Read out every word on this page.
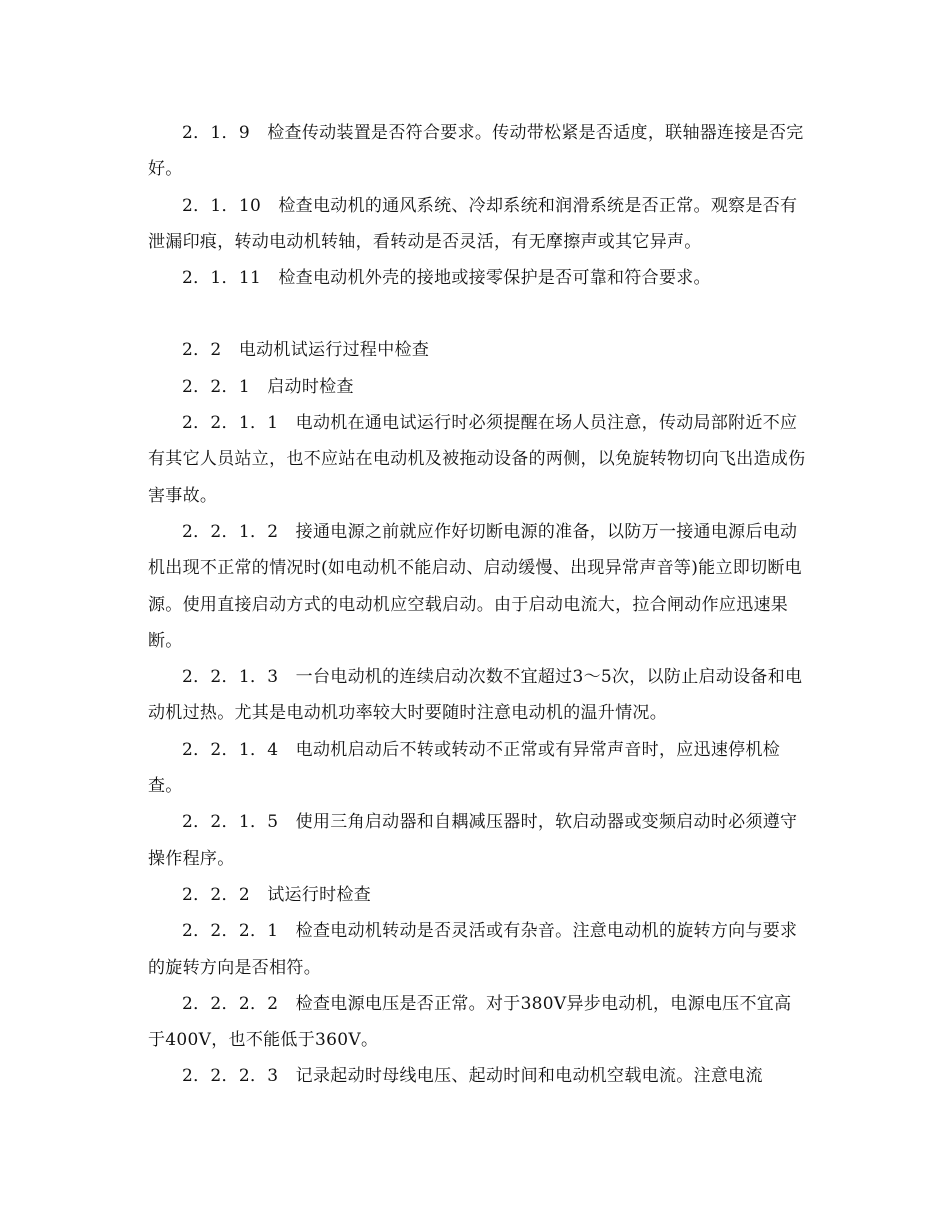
2．1．9　检查传动装置是否符合要求。传动带松紧是否适度，联轴器连接是否完好。

2．1．10　检查电动机的通风系统、冷却系统和润滑系统是否正常。观察是否有泄漏印痕，转动电动机转轴，看转动是否灵活，有无摩擦声或其它异声。

2．1．11　检查电动机外壳的接地或接零保护是否可靠和符合要求。

2．2　电动机试运行过程中检查

2．2．1　启动时检查

2．2．1．1　电动机在通电试运行时必须提醒在场人员注意，传动局部附近不应有其它人员站立，也不应站在电动机及被拖动设备的两侧，以免旋转物切向飞出造成伤害事故。

2．2．1．2　接通电源之前就应作好切断电源的准备，以防万一接通电源后电动机出现不正常的情况时(如电动机不能启动、启动缓慢、出现异常声音等)能立即切断电源。使用直接启动方式的电动机应空载启动。由于启动电流大，拉合闸动作应迅速果断。

2．2．1．3　一台电动机的连续启动次数不宜超过3～5次，以防止启动设备和电动机过热。尤其是电动机功率较大时要随时注意电动机的温升情况。

2．2．1．4　电动机启动后不转或转动不正常或有异常声音时，应迅速停机检查。

2．2．1．5　使用三角启动器和自耦减压器时，软启动器或变频启动时必须遵守操作程序。

2．2．2　试运行时检查

2．2．2．1　检查电动机转动是否灵活或有杂音。注意电动机的旋转方向与要求的旋转方向是否相符。

2．2．2．2　检查电源电压是否正常。对于380V异步电动机，电源电压不宜高于400V，也不能低于360V。

2．2．2．3　记录起动时母线电压、起动时间和电动机空载电流。注意电流
